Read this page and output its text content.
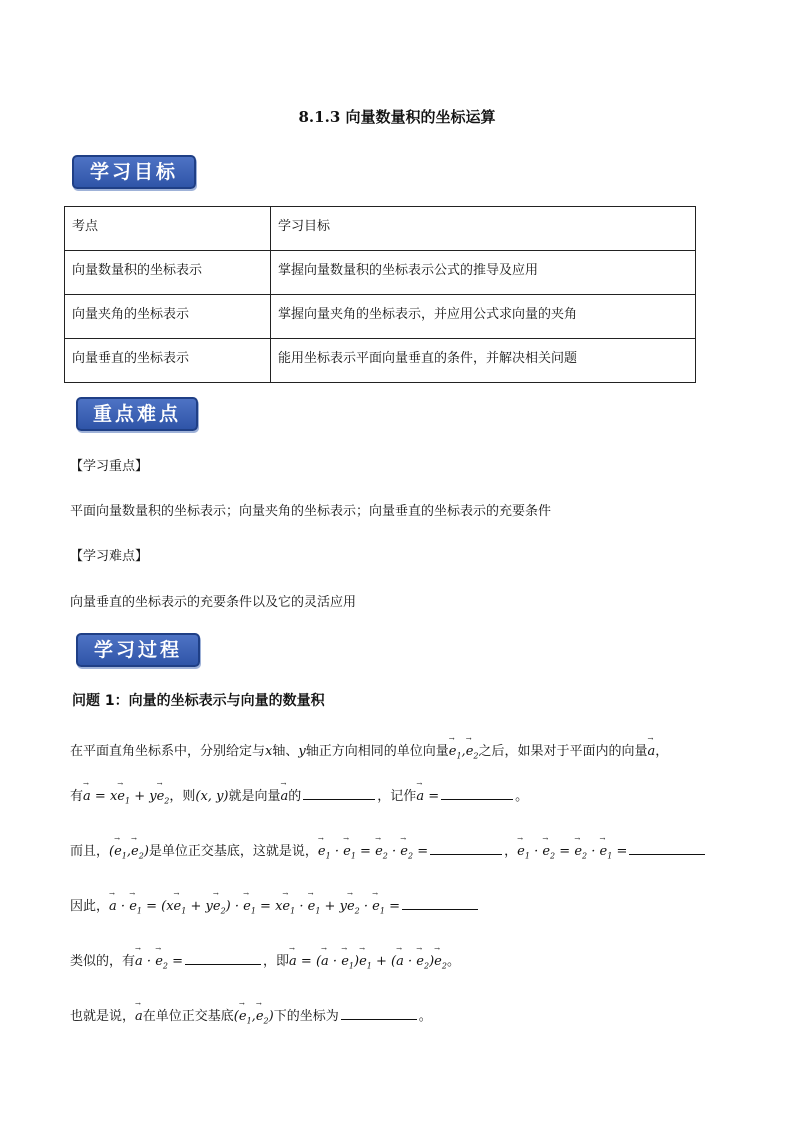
8.1.3 向量数量积的坐标运算
学习目标
考点	学习目标
向量数量积的坐标表示	掌握向量数量积的坐标表示公式的推导及应用
向量夹角的坐标表示	掌握向量夹角的坐标表示，并应用公式求向量的夹角
向量垂直的坐标表示	能用坐标表示平面向量垂直的条件，并解决相关问题
重点难点
【学习重点】
平面向量数量积的坐标表示；向量夹角的坐标表示；向量垂直的坐标表示的充要条件
【学习难点】
向量垂直的坐标表示的充要条件以及它的灵活应用
学习过程
问题 1：向量的坐标表示与向量的数量积
在平面直角坐标系中，分别给定与x轴、y轴正方向相同的单位向量→ $e_1,\to e_2$之后，如果对于平面内的向量→ a，
有→ $a = x\to e_1 + y\to e_2$，则(x, y)就是向量→ a的	，记作→ a =	。
而且，(→ $e_1,\to e_2$)是单位正交基底，这就是说，→ $e_1$ · → $e_1$ = → $e_2$ · → $e_2$ =	，→ $e_1$ · → $e_2$ = → $e_2$ · → $e_1$ =
因此，→ a · → $e_1 = (x\to e_1 + y\to e_2)$ · → $e_1 = x\to e_1$ · → $e_1 + y\to e_2$ · → $e_1$ =
类似的，有→ a · → $e_2$ =	，即→ a = (→ a · → $e_1)\to e_1$ + (→ a · → $e_2)\to e_2$。
也就是说，→ a在单位正交基底(→ $e_1,\to e_2$)下的坐标为	。
